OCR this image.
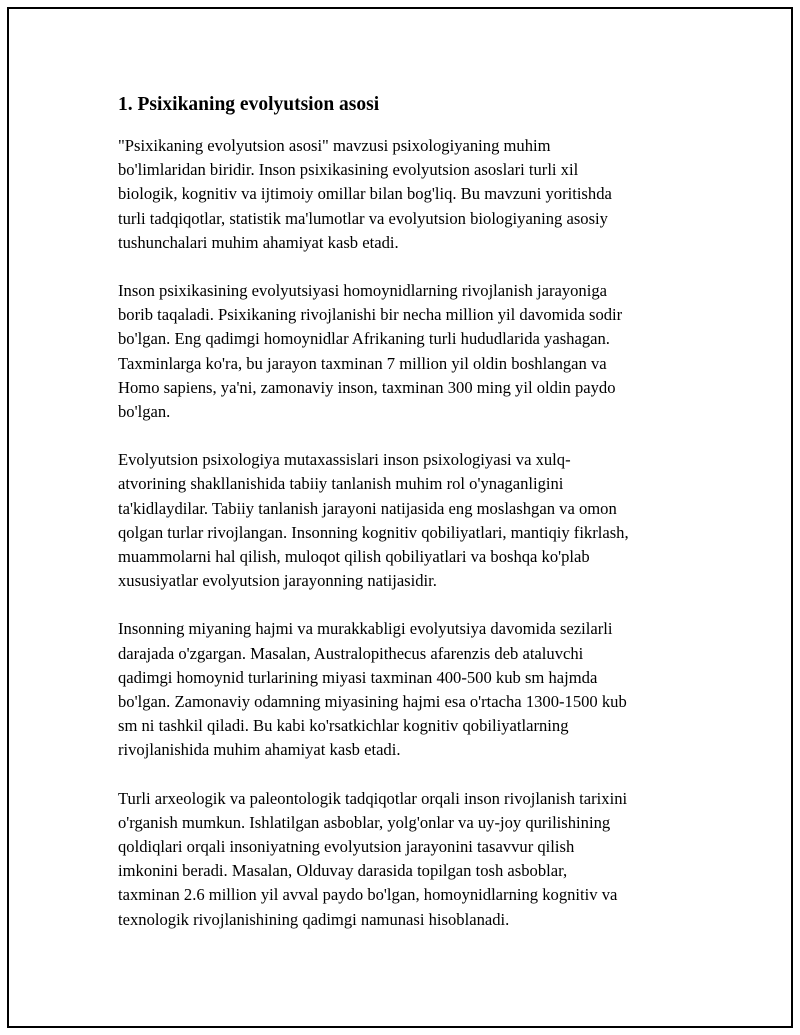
1. Psixikaning evolyutsion asosi

"Psixikaning evolyutsion asosi" mavzusi psixologiyaning muhim
bo'limlaridan biridir. Inson psixikasining evolyutsion asoslari turli xil
biologik, kognitiv va ijtimoiy omillar bilan bog'liq. Bu mavzuni yoritishda
turli tadqiqotlar, statistik ma'lumotlar va evolyutsion biologiyaning asosiy
tushunchalari muhim ahamiyat kasb etadi.

Inson psixikasining evolyutsiyasi homoynidlarning rivojlanish jarayoniga
borib taqaladi. Psixikaning rivojlanishi bir necha million yil davomida sodir
bo'lgan. Eng qadimgi homoynidlar Afrikaning turli hududlarida yashagan.
Taxminlarga ko'ra, bu jarayon taxminan 7 million yil oldin boshlangan va
Homo sapiens, ya'ni, zamonaviy inson, taxminan 300 ming yil oldin paydo
bo'lgan.

Evolyutsion psixologiya mutaxassislari inson psixologiyasi va xulq-
atvorining shakllanishida tabiiy tanlanish muhim rol o'ynaganligini
ta'kidlaydilar. Tabiiy tanlanish jarayoni natijasida eng moslashgan va omon
qolgan turlar rivojlangan. Insonning kognitiv qobiliyatlari, mantiqiy fikrlash,
muammolarni hal qilish, muloqot qilish qobiliyatlari va boshqa ko'plab
xususiyatlar evolyutsion jarayonning natijasidir.

Insonning miyaning hajmi va murakkabligi evolyutsiya davomida sezilarli
darajada o'zgargan. Masalan, Australopithecus afarenzis deb ataluvchi
qadimgi homoynid turlarining miyasi taxminan 400-500 kub sm hajmda
bo'lgan. Zamonaviy odamning miyasining hajmi esa o'rtacha 1300-1500 kub
sm ni tashkil qiladi. Bu kabi ko'rsatkichlar kognitiv qobiliyatlarning
rivojlanishida muhim ahamiyat kasb etadi.

Turli arxeologik va paleontologik tadqiqotlar orqali inson rivojlanish tarixini
o'rganish mumkun. Ishlatilgan asboblar, yolg'onlar va uy-joy qurilishining
qoldiqlari orqali insoniyatning evolyutsion jarayonini tasavvur qilish
imkonini beradi. Masalan, Olduvay darasida topilgan tosh asboblar,
taxminan 2.6 million yil avval paydo bo'lgan, homoynidlarning kognitiv va
texnologik rivojlanishining qadimgi namunasi hisoblanadi.
